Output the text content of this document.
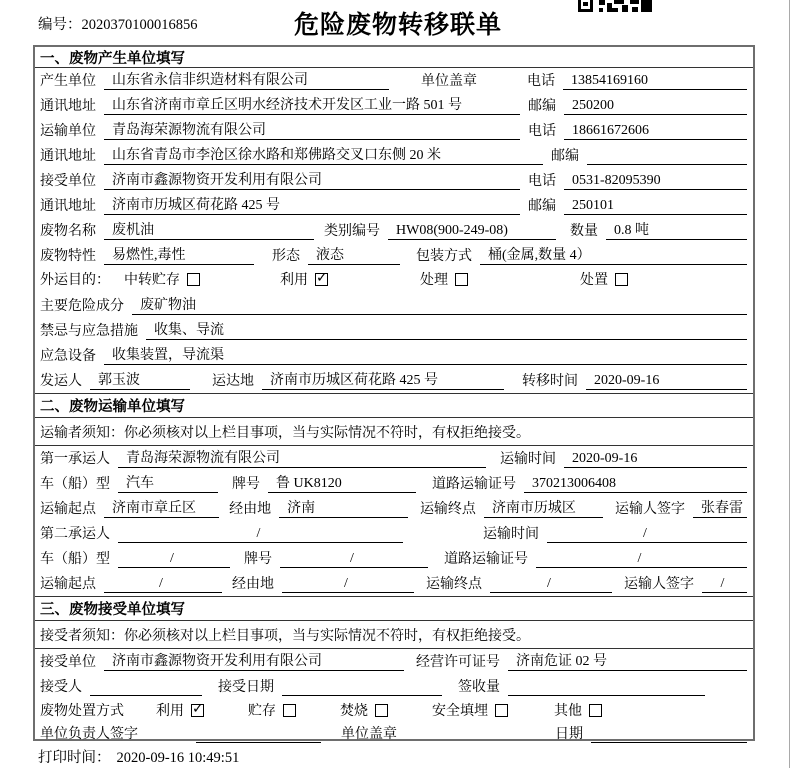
编号：2020370100016856	危险废物转移联单
一、废物产生单位填写
产生单位	山东省永信非织造材料有限公司	单位盖章	电话	13854169160
通讯地址	山东省济南市章丘区明水经济技术开发区工业一路 501 号	邮编	250200
运输单位	青岛海荣源物流有限公司	电话	18661672606
通讯地址	山东省青岛市李沧区徐水路和郑佛路交叉口东侧 20 米	邮编
接受单位	济南市鑫源物资开发利用有限公司	电话	0531-82095390
通讯地址	济南市历城区荷花路 425 号	邮编	250101
废物名称	废机油	类别编号	HW08(900-249-08)	数量	0.8 吨
废物特性	易燃性,毒性	形态	液态	包装方式	桶(金属,数量 4）
外运目的： 中转贮存	利用 ✓	处理	处置
主要危险成分	废矿物油
禁忌与应急措施	收集、导流
应急设备	收集装置，导流渠
发运人	郭玉波	运达地	济南市历城区荷花路 425 号	转移时间	2020-09-16
二、废物运输单位填写
运输者须知：你必须核对以上栏目事项，当与实际情况不符时，有权拒绝接受。
第一承运人	青岛海荣源物流有限公司	运输时间	2020-09-16
车（船）型	汽车	牌号	鲁 UK8120	道路运输证号	370213006408
运输起点	济南市章丘区	经由地	济南	运输终点	济南市历城区	运输人签字	张春雷
第二承运人	/	运输时间	/
车（船）型	/	牌号	/	道路运输证号	/
运输起点	/	经由地	/	运输终点	/	运输人签字	/
三、废物接受单位填写
接受者须知：你必须核对以上栏目事项，当与实际情况不符时，有权拒绝接受。
接受单位	济南市鑫源物资开发利用有限公司	经营许可证号	济南危证 02 号
接受人	接受日期	签收量
废物处置方式 利用 ✓	贮存	焚烧	安全填埋	其他
单位负责人签字	单位盖章	日期
打印时间： 2020-09-16 10:49:51
